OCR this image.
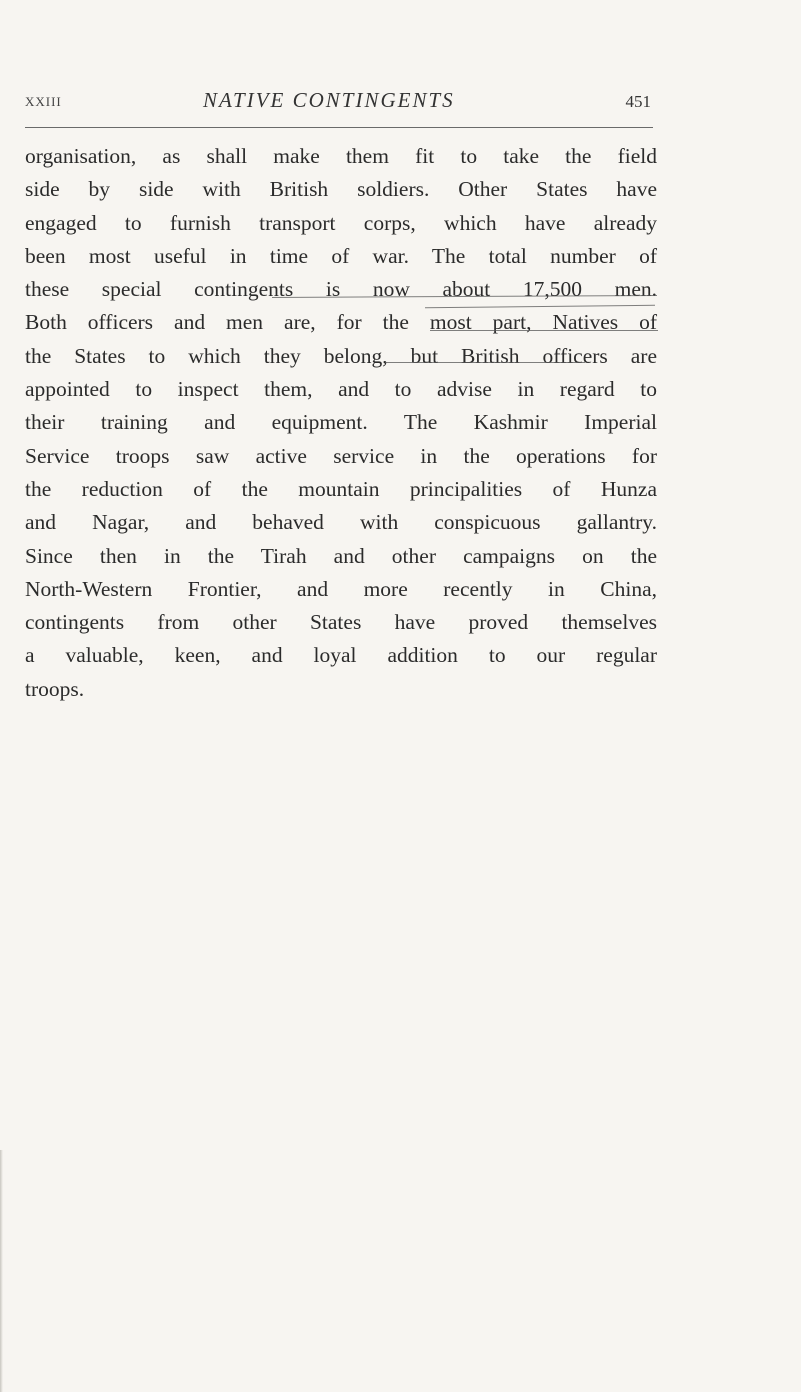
XXIII	NATIVE CONTINGENTS	451
organisation, as shall make them fit to take the field
side by side with British soldiers. Other States have
engaged to furnish transport corps, which have already
been most useful in time of war. The total number of
these special contingents is now about 17,500 men.
Both officers and men are, for the most part, Natives of
the States to which they belong, but British officers are
appointed to inspect them, and to advise in regard to
their training and equipment. The Kashmir Imperial
Service troops saw active service in the operations for
the reduction of the mountain principalities of Hunza
and Nagar, and behaved with conspicuous gallantry.
Since then in the Tirah and other campaigns on the
North-Western Frontier, and more recently in China,
contingents from other States have proved themselves
a valuable, keen, and loyal addition to our regular
troops.
